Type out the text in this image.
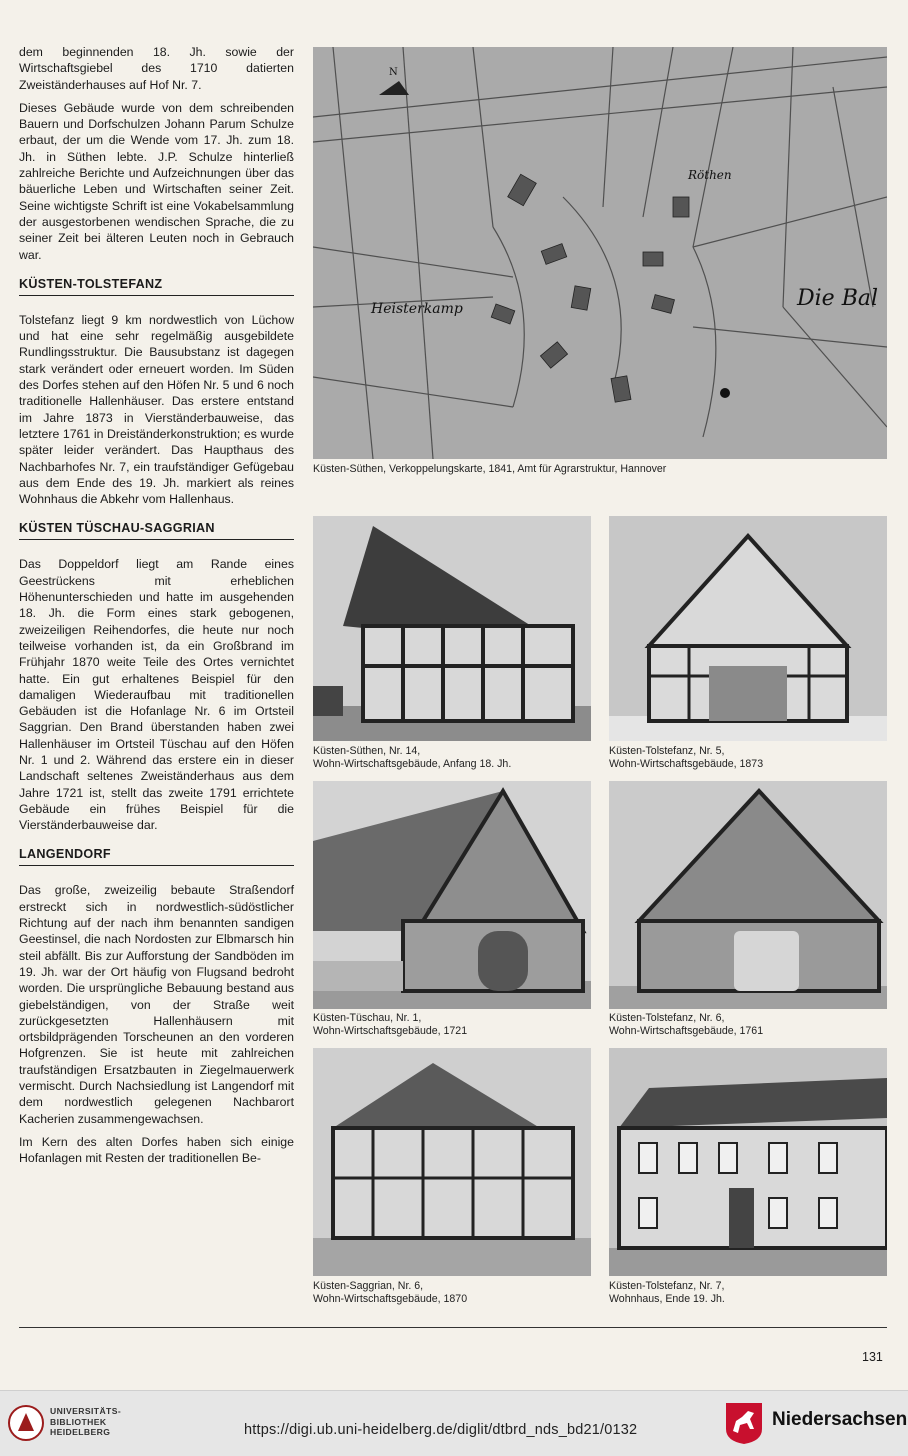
dem beginnenden 18. Jh. sowie der Wirtschaftsgiebel des 1710 datierten Zweiständerhauses auf Hof Nr. 7.

Dieses Gebäude wurde von dem schreibenden Bauern und Dorfschulzen Johann Parum Schulze erbaut, der um die Wende vom 17. Jh. zum 18. Jh. in Süthen lebte. J.P. Schulze hinterließ zahlreiche Berichte und Aufzeichnungen über das bäuerliche Leben und Wirtschaften seiner Zeit. Seine wichtigste Schrift ist eine Vokabelsammlung der ausgestorbenen wendischen Sprache, die zu seiner Zeit bei älteren Leuten noch in Gebrauch war.

KÜSTEN-TOLSTEFANZ

Tolstefanz liegt 9 km nordwestlich von Lüchow und hat eine sehr regelmäßig ausgebildete Rundlingsstruktur. Die Bausubstanz ist dagegen stark verändert oder erneuert worden. Im Süden des Dorfes stehen auf den Höfen Nr. 5 und 6 noch traditionelle Hallenhäuser. Das erstere entstand im Jahre 1873 in Vierständerbauweise, das letztere 1761 in Dreiständerkonstruktion; es wurde später leider verändert. Das Haupthaus des Nachbarhofes Nr. 7, ein traufständiger Gefügebau aus dem Ende des 19. Jh. markiert als reines Wohnhaus die Abkehr vom Hallenhaus.

KÜSTEN TÜSCHAU-SAGGRIAN

Das Doppeldorf liegt am Rande eines Geestrückens mit erheblichen Höhenunterschieden und hatte im ausgehenden 18. Jh. die Form eines stark gebogenen, zweizeiligen Reihendorfes, die heute nur noch teilweise vorhanden ist, da ein Großbrand im Frühjahr 1870 weite Teile des Ortes vernichtet hatte. Ein gut erhaltenes Beispiel für den damaligen Wiederaufbau mit traditionellen Gebäuden ist die Hofanlage Nr. 6 im Ortsteil Saggrian. Den Brand überstanden haben zwei Hallenhäuser im Ortsteil Tüschau auf den Höfen Nr. 1 und 2. Während das erstere ein in dieser Landschaft seltenes Zweiständerhaus aus dem Jahre 1721 ist, stellt das zweite 1791 errichtete Gebäude ein frühes Beispiel für die Vierständerbauweise dar.

LANGENDORF

Das große, zweizeilig bebaute Straßendorf erstreckt sich in nordwestlich-südöstlicher Richtung auf der nach ihm benannten sandigen Geestinsel, die nach Nordosten zur Elbmarsch hin steil abfällt. Bis zur Aufforstung der Sandböden im 19. Jh. war der Ort häufig von Flugsand bedroht worden. Die ursprüngliche Bebauung bestand aus giebelständigen, von der Straße weit zurückgesetzten Hallenhäusern mit ortsbildprägenden Torscheunen an den vorderen Hofgrenzen. Sie ist heute mit zahlreichen traufständigen Ersatzbauten in Ziegelmauerwerk vermischt. Durch Nachsiedlung ist Langendorf mit dem nordwestlich gelegenen Nachbarort Kacherien zusammengewachsen.

Im Kern des alten Dorfes haben sich einige Hofanlagen mit Resten der traditionellen Be-

N
Röthen
Heisterkamp	Die Bal
Küsten-Süthen, Verkoppelungskarte, 1841, Amt für Agrarstruktur, Hannover
Küsten-Süthen, Nr. 14,
Wohn-Wirtschaftsgebäude, Anfang 18. Jh.
Küsten-Tolstefanz, Nr. 5,
Wohn-Wirtschaftsgebäude, 1873
Küsten-Tüschau, Nr. 1,
Wohn-Wirtschaftsgebäude, 1721
Küsten-Tolstefanz, Nr. 6,
Wohn-Wirtschaftsgebäude, 1761
Küsten-Saggrian, Nr. 6,
Wohn-Wirtschaftsgebäude, 1870
Küsten-Tolstefanz, Nr. 7,
Wohnhaus, Ende 19. Jh.
131
UNIVERSITÄTS-
BIBLIOTHEK
HEIDELBERG	https://digi.ub.uni-heidelberg.de/diglit/dtbrd_nds_bd21/0132	Niedersachsen
